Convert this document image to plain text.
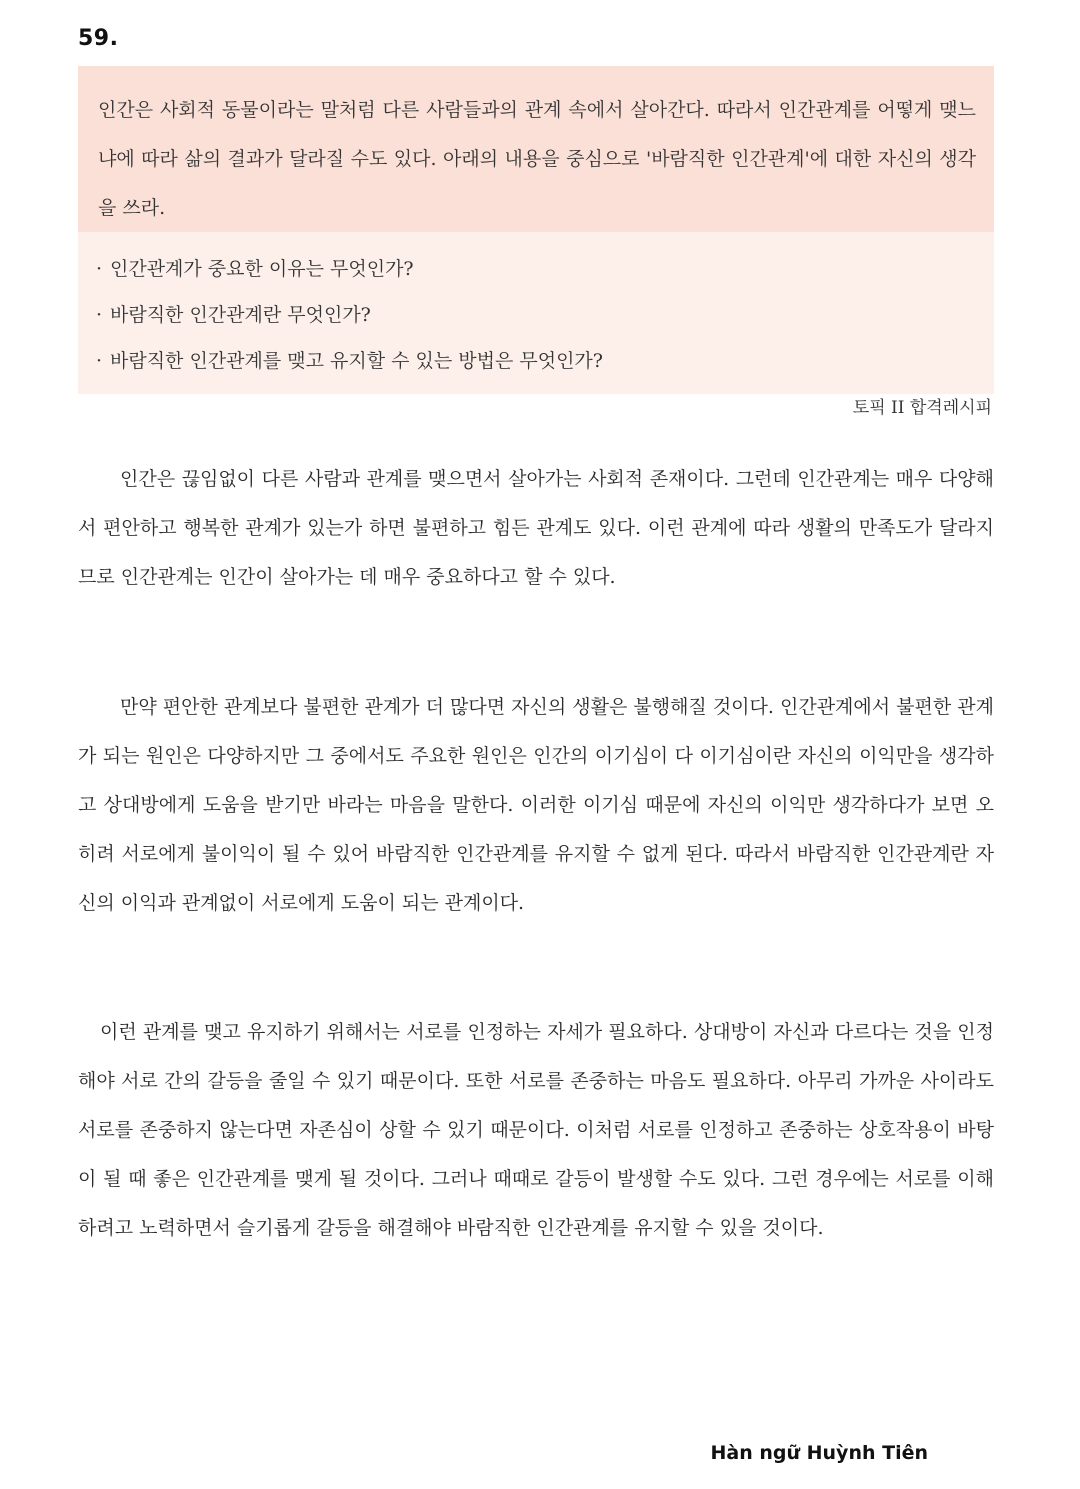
59.

인간은 사회적 동물이라는 말처럼 다른 사람들과의 관계 속에서 살아간다. 따라서 인간관계를 어떻게 맺느냐에 따라 삶의 결과가 달라질 수도 있다. 아래의 내용을 중심으로 '바람직한 인간관계'에 대한 자신의 생각을 쓰라.

· 인간관계가 중요한 이유는 무엇인가?
· 바람직한 인간관계란 무엇인가?
· 바람직한 인간관계를 맺고 유지할 수 있는 방법은 무엇인가?
토픽 II 합격레시피

인간은 끊임없이 다른 사람과 관계를 맺으면서 살아가는 사회적 존재이다. 그런데 인간관계는 매우 다양해서 편안하고 행복한 관계가 있는가 하면 불편하고 힘든 관계도 있다. 이런 관계에 따라 생활의 만족도가 달라지므로 인간관계는 인간이 살아가는 데 매우 중요하다고 할 수 있다.

만약 편안한 관계보다 불편한 관계가 더 많다면 자신의 생활은 불행해질 것이다. 인간관계에서 불편한 관계가 되는 원인은 다양하지만 그 중에서도 주요한 원인은 인간의 이기심이 다 이기심이란 자신의 이익만을 생각하고 상대방에게 도움을 받기만 바라는 마음을 말한다. 이러한 이기심 때문에 자신의 이익만 생각하다가 보면 오히려 서로에게 불이익이 될 수 있어 바람직한 인간관계를 유지할 수 없게 된다. 따라서 바람직한 인간관계란 자신의 이익과 관계없이 서로에게 도움이 되는 관계이다.

이런 관계를 맺고 유지하기 위해서는 서로를 인정하는 자세가 필요하다. 상대방이 자신과 다르다는 것을 인정해야 서로 간의 갈등을 줄일 수 있기 때문이다. 또한 서로를 존중하는 마음도 필요하다. 아무리 가까운 사이라도 서로를 존중하지 않는다면 자존심이 상할 수 있기 때문이다. 이처럼 서로를 인정하고 존중하는 상호작용이 바탕이 될 때 좋은 인간관계를 맺게 될 것이다. 그러나 때때로 갈등이 발생할 수도 있다. 그런 경우에는 서로를 이해하려고 노력하면서 슬기롭게 갈등을 해결해야 바람직한 인간관계를 유지할 수 있을 것이다.

Hàn ngữ Huỳnh Tiên
